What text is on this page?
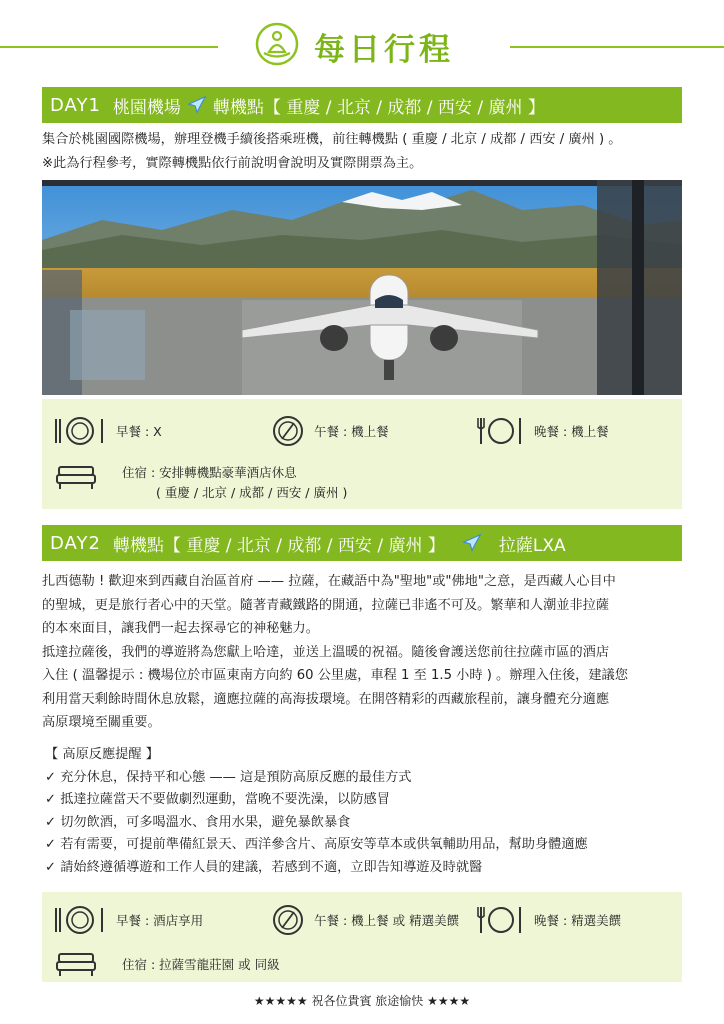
每日行程
DAY1 桃園機場 轉機點【 重慶 / 北京 / 成都 / 西安 / 廣州 】
集合於桃園國際機場，辦理登機手續後搭乘班機，前往轉機點 ( 重慶 / 北京 / 成都 / 西安 / 廣州 ) 。
※此為行程參考，實際轉機點依行前說明會說明及實際開票為主。
早餐 : X	午餐 : 機上餐	晚餐 : 機上餐
住宿 : 安排轉機點豪華酒店休息
( 重慶 / 北京 / 成都 / 西安 / 廣州 )
DAY2 轉機點【 重慶 / 北京 / 成都 / 西安 / 廣州 】	拉薩LXA
扎西德勒 ! 歡迎來到西藏自治區首府 —— 拉薩，在藏語中為"聖地"或"佛地"之意，是西藏人心目中
的聖城，更是旅行者心中的天堂。隨著青藏鐵路的開通，拉薩已非遙不可及。繁華和人潮並非拉薩
的本來面目，讓我們一起去探尋它的神秘魅力。
抵達拉薩後，我們的導遊將為您獻上哈達，並送上溫暖的祝福。隨後會護送您前往拉薩市區的酒店
入住 ( 溫馨提示 : 機場位於市區東南方向約 60 公里處，車程 1 至 1.5 小時 ) 。辦理入住後，建議您
利用當天剩餘時間休息放鬆，適應拉薩的高海拔環境。在開啓精彩的西藏旅程前，讓身體充分適應
高原環境至關重要。
【 高原反應提醒 】
✓ 充分休息，保持平和心態 —— 這是預防高原反應的最佳方式
✓ 抵達拉薩當天不要做劇烈運動，當晚不要洗澡，以防感冒
✓ 切勿飲酒，可多喝溫水、食用水果，避免暴飲暴食
✓ 若有需要，可提前準備紅景天、西洋參含片、高原安等草本或供氧輔助用品，幫助身體適應
✓ 請始終遵循導遊和工作人員的建議，若感到不適，立即告知導遊及時就醫
早餐 : 酒店享用	午餐 : 機上餐 或 精選美饌	晚餐 : 精選美饌
住宿 : 拉薩雪龍莊園 或 同級
★★★★★ 祝各位貴賓 旅途愉快 ★★★★
